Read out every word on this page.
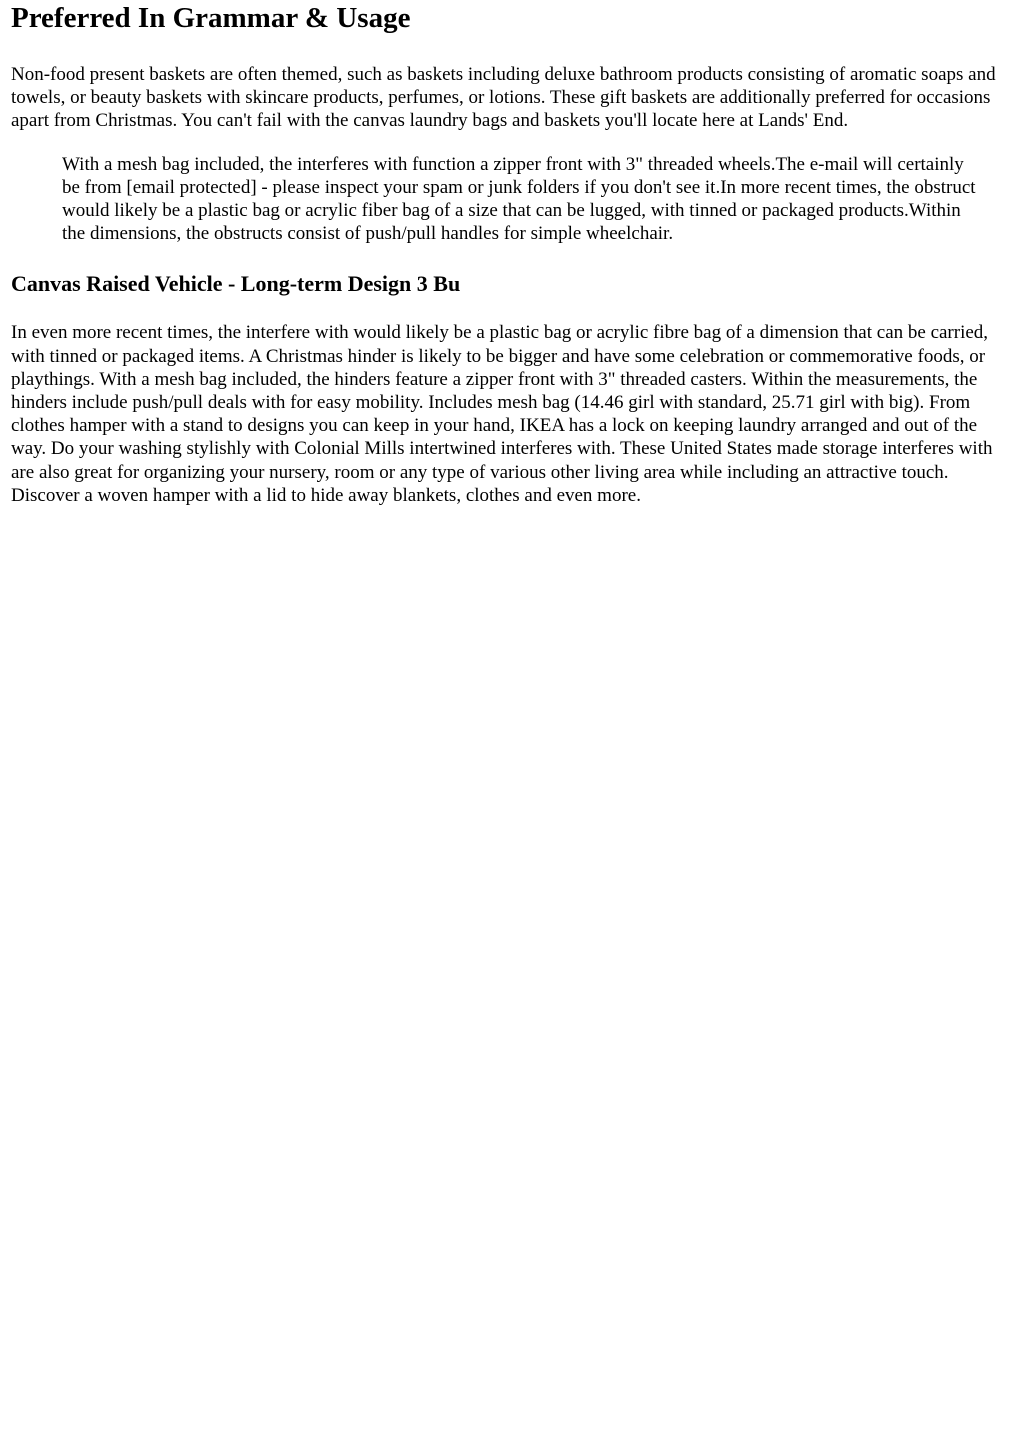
Preferred In Grammar & Usage

Non-food present baskets are often themed, such as baskets including deluxe bathroom products consisting of aromatic soaps and towels, or beauty baskets with skincare products, perfumes, or lotions. These gift baskets are additionally preferred for occasions apart from Christmas. You can't fail with the canvas laundry bags and baskets you'll locate here at Lands' End.

With a mesh bag included, the interferes with function a zipper front with 3" threaded wheels.The e-mail will certainly be from [email protected] - please inspect your spam or junk folders if you don't see it.In more recent times, the obstruct would likely be a plastic bag or acrylic fiber bag of a size that can be lugged, with tinned or packaged products.Within the dimensions, the obstructs consist of push/pull handles for simple wheelchair.
Canvas Raised Vehicle - Long-term Design 3 Bu

In even more recent times, the interfere with would likely be a plastic bag or acrylic fibre bag of a dimension that can be carried, with tinned or packaged items. A Christmas hinder is likely to be bigger and have some celebration or commemorative foods, or playthings. With a mesh bag included, the hinders feature a zipper front with 3" threaded casters. Within the measurements, the hinders include push/pull deals with for easy mobility. Includes mesh bag (14.46 girl with standard, 25.71 girl with big). From clothes hamper with a stand to designs you can keep in your hand, IKEA has a lock on keeping laundry arranged and out of the way. Do your washing stylishly with Colonial Mills intertwined interferes with. These United States made storage interferes with are also great for organizing your nursery, room or any type of various other living area while including an attractive touch. Discover a woven hamper with a lid to hide away blankets, clothes and even more.
